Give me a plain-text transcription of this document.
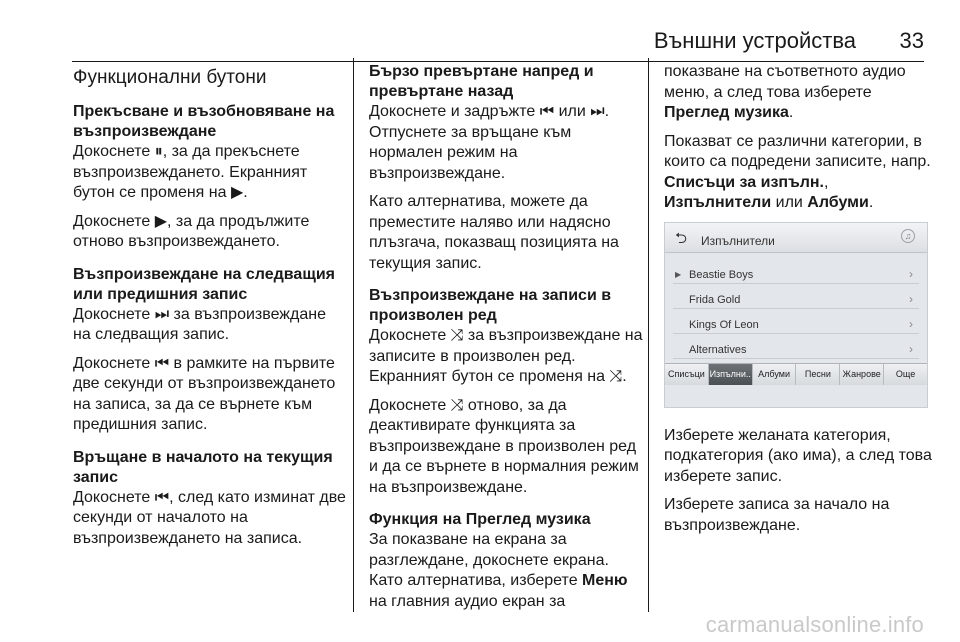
Външни устройства 33
Функционални бутони
Прекъсване и възобновяване на възпроизвеждане

Докоснете ⏸, за да прекъснете възпроизвеждането. Екранният бутон се променя на ▶.

Докоснете ▶, за да продължите отново възпроизвеждането.

Възпроизвеждане на следващия или предишния запис

Докоснете ⏭ за възпроизвеждане на следващия запис.

Докоснете ⏮ в рамките на първите две секунди от възпроизвеждането на записа, за да се върнете към предишния запис.

Връщане в началото на текущия запис

Докоснете ⏮, след като изминат две секунди от началото на възпроизвеждането на записа.

Бързо превъртане напред и превъртане назад

Докоснете и задръжте ⏮ или ⏭. Отпуснете за връщане към нормален режим на възпроизвеждане.

Като алтернатива, можете да преместите наляво или надясно плъзгача, показващ позицията на текущия запис.

Възпроизвеждане на записи в произволен ред

Докоснете ⤨ за възпроизвеждане на записите в произволен ред. Екранният бутон се променя на ⤨.

Докоснете ⤨ отново, за да деактивирате функцията за възпроизвеждане в произволен ред и да се върнете в нормалния режим на възпроизвеждане.

Функция на Преглед музика

За показване на екрана за разглеждане, докоснете екрана. Като алтернатива, изберете Меню на главния аудио екран за

показване на съответното аудио меню, а след това изберете Преглед музика.

Показват се различни категории, в които са подредени записите, напр. Списъци за изпълн., Изпълнители или Албуми.

⮌ Изпълнители	♫
▶ Beastie Boys	›
Frida Gold	›
Kings Of Leon	›
Alternatives	›
Списъци Изпълни.. Албуми	Песни	Жанрове	Още

Изберете желаната категория, подкатегория (ако има), а след това изберете запис.

Изберете записа за начало на възпроизвеждане.

carmanualsonline.info
